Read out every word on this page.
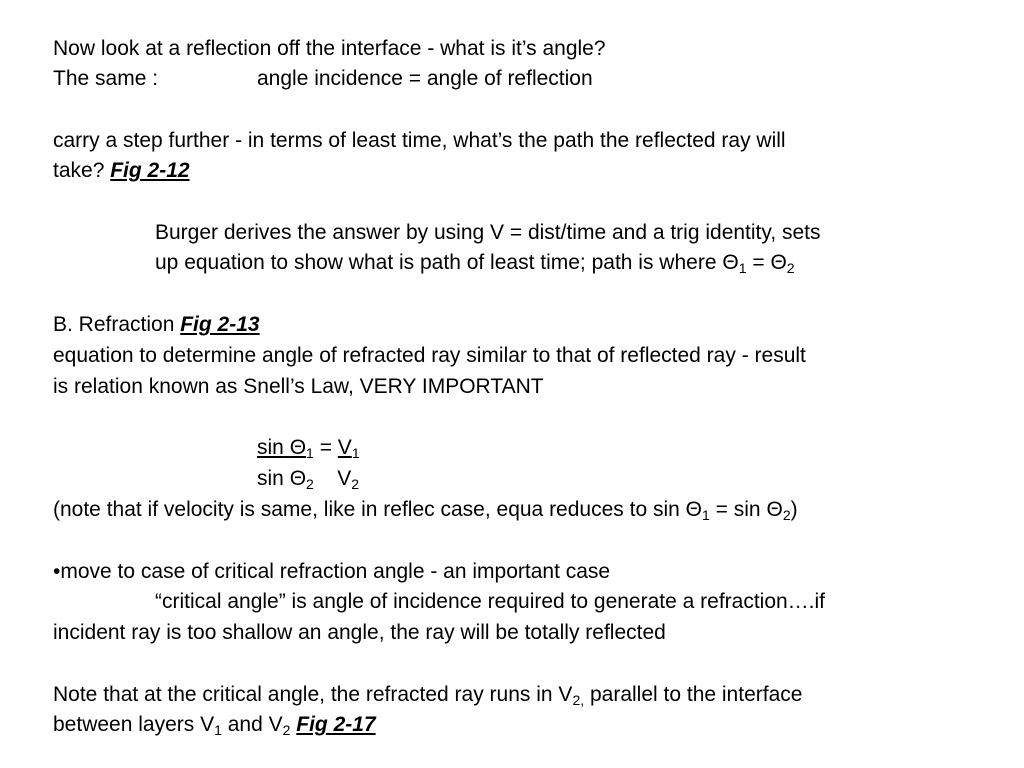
Now look at a reflection off the interface - what is it’s angle?
The same :	angle incidence = angle of reflection
carry a step further - in terms of least time, what’s the path the reflected ray will
take? Fig 2-12
Burger derives the answer by using V = dist/time and a trig identity, sets
up equation to show what is path of least time; path is where $\Theta_1 = \Theta_2$
B. Refraction Fig 2-13
equation to determine angle of refracted ray similar to that of reflected ray - result
is relation known as Snell’s Law, VERY IMPORTANT
$\sin \Theta_1 = V_1$
$\sin \Theta_2$ $V_2$
(note that if velocity is same, like in reflec case, equa reduces to $\sin \Theta_1 = \sin \Theta_2$)
•move to case of critical refraction angle - an important case
“critical angle” is angle of incidence required to generate a refraction….if
incident ray is too shallow an angle, the ray will be totally reflected
Note that at the critical angle, the refracted ray runs in $V_{2,}$ parallel to the interface
between layers $V_1$ and $V_2$ Fig 2-17
